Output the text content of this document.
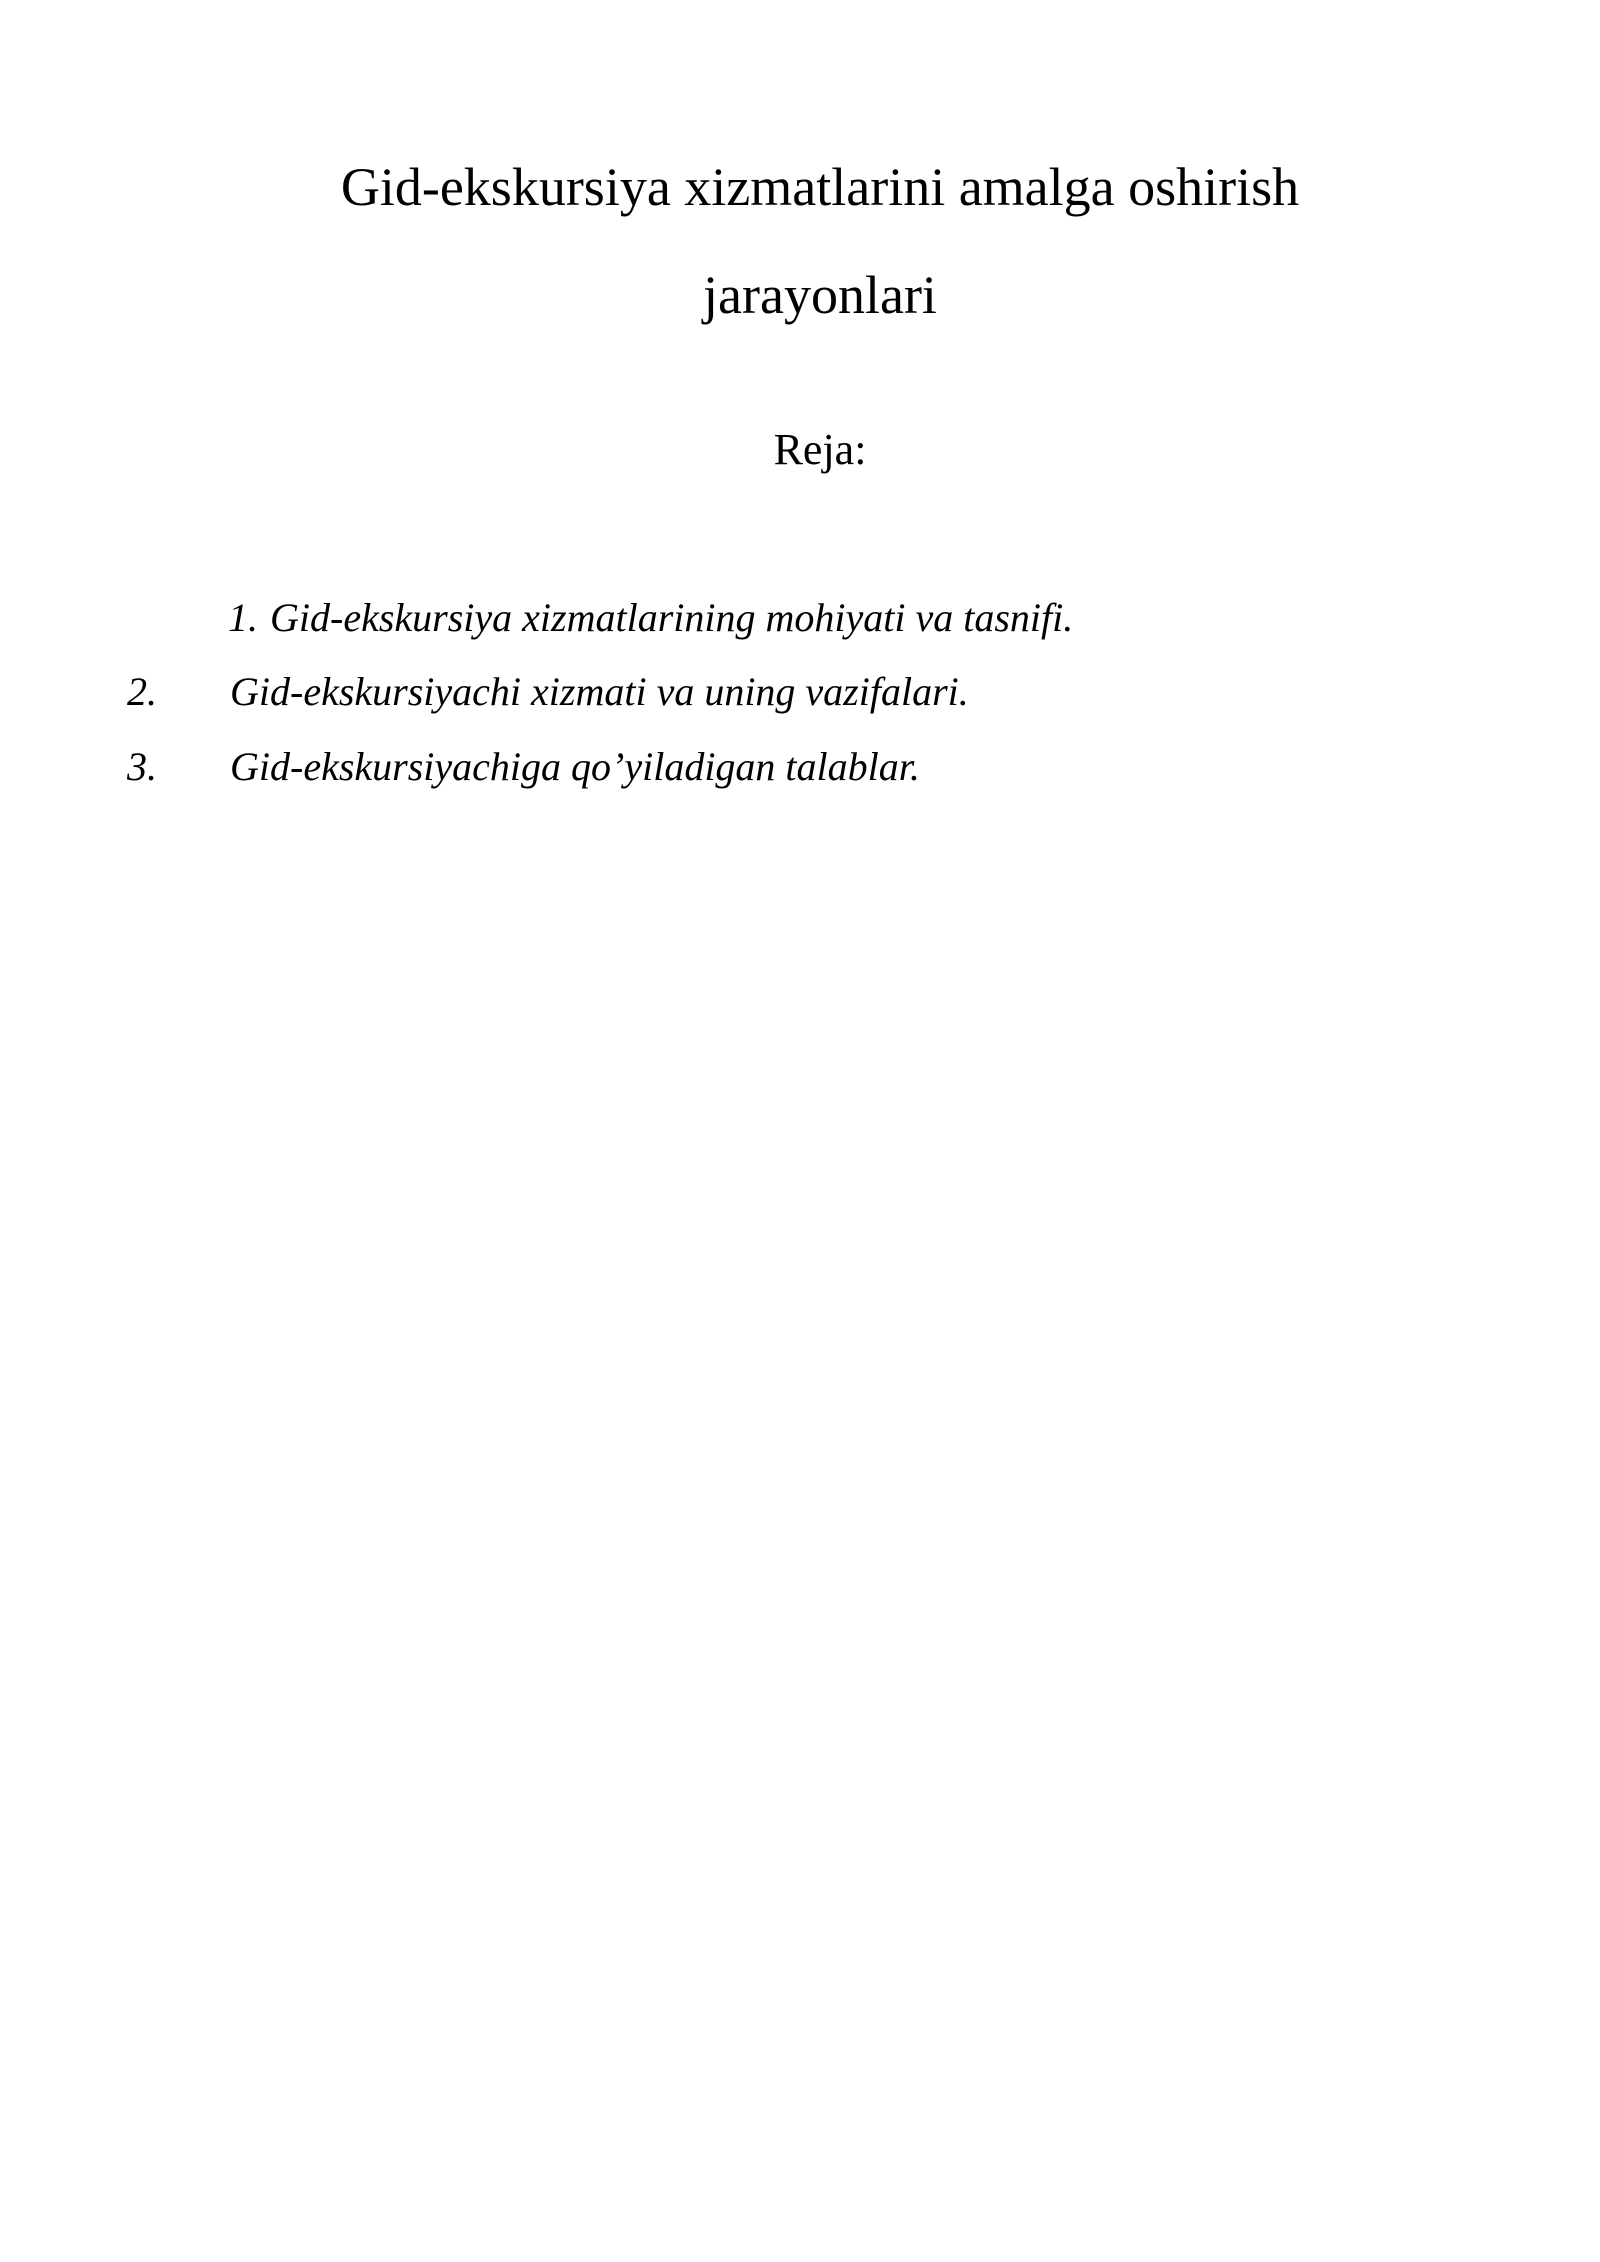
Gid-ekskursiya xizmatlarini amalga oshirish
jarayonlari
Reja:
1. Gid-ekskursiya xizmatlarining mohiyati va tasnifi.
2. Gid-ekskursiyachi xizmati va uning vazifalari.
3. Gid-ekskursiyachiga qo’yiladigan talablar.
